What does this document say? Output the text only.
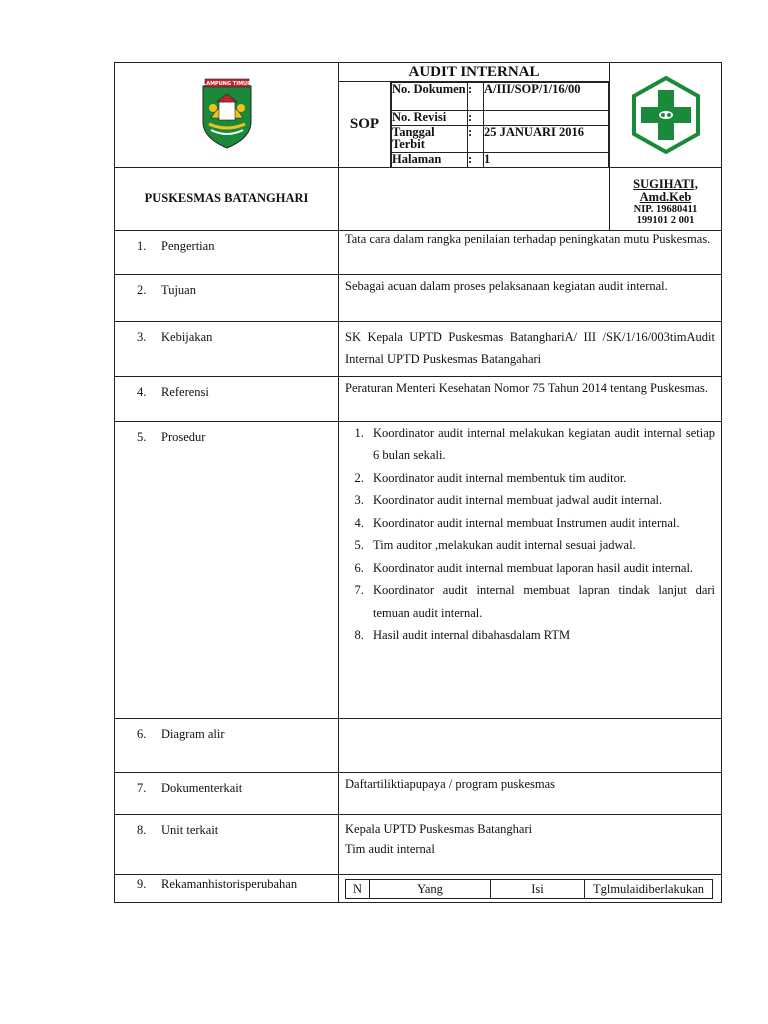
LAMPUNG TIMUR
	AUDIT INTERNAL	

SOP	
No. Dokumen	:	A/III/SOP/1/16/00
No. Revisi	:	
Tanggal Terbit	:	25 JANUARI 2016
Halaman	:	1

PUSKESMAS BATANGHARI		
SUGIHATI, Amd.Keb
NIP. 19680411
199101 2 001

1. Pengertian	Tata cara dalam rangka penilaian terhadap peningkatan mutu Puskesmas.
2. Tujuan	Sebagai acuan dalam proses pelaksanaan kegiatan audit internal.
3. Kebijakan	SK Kepala UPTD Puskesmas BatanghariA/ III /SK/1/16/003timAudit Internal UPTD Puskesmas Batangahari
4. Referensi	Peraturan Menteri Kesehatan Nomor 75 Tahun 2014 tentang Puskesmas.
5. Prosedur	
1.Koordinator audit internal melakukan kegiatan audit internal setiap 6 bulan sekali.
2. Koordinator audit internal membentuk tim auditor.
3. Koordinator audit internal membuat jadwal audit internal.
4. Koordinator audit internal membuat Instrumen audit internal.
5. Tim auditor ,melakukan audit internal sesuai jadwal.
6. Koordinator audit internal membuat laporan hasil audit internal.
7. Koordinator audit internal membuat lapran tindak lanjut dari temuan audit internal.
8. Hasil audit internal dibahasdalam RTM

6. Diagram alir	
7. Dokumenterkait	Daftartiliktiapupaya / program puskesmas
8. Unit terkait	Kepala UPTD Puskesmas Batanghari
Tim audit internal

9. Rekamanhistorisperubahan		N	Yang	Isi	Tglmulaidiberlakukan
